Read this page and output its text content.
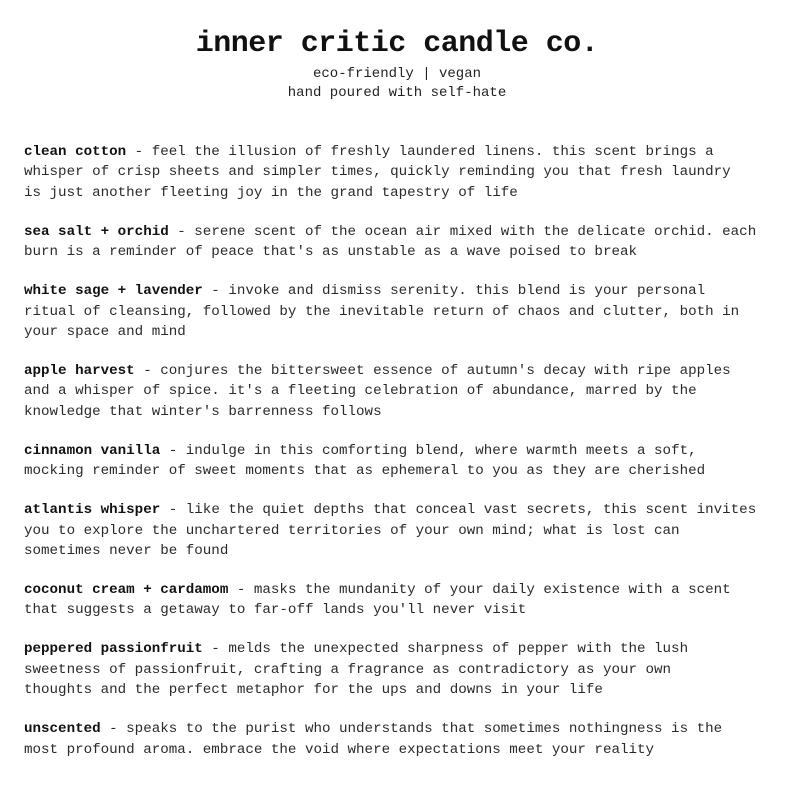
inner critic candle co.

eco-friendly | vegan

hand poured with self-hate

clean cotton - feel the illusion of freshly laundered linens. this scent brings a
whisper of crisp sheets and simpler times, quickly reminding you that fresh laundry
is just another fleeting joy in the grand tapestry of life
sea salt + orchid - serene scent of the ocean air mixed with the delicate orchid. each
burn is a reminder of peace that's as unstable as a wave poised to break
white sage + lavender - invoke and dismiss serenity. this blend is your personal
ritual of cleansing, followed by the inevitable return of chaos and clutter, both in
your space and mind
apple harvest - conjures the bittersweet essence of autumn's decay with ripe apples
and a whisper of spice. it's a fleeting celebration of abundance, marred by the
knowledge that winter's barrenness follows
cinnamon vanilla - indulge in this comforting blend, where warmth meets a soft,
mocking reminder of sweet moments that as ephemeral to you as they are cherished
atlantis whisper - like the quiet depths that conceal vast secrets, this scent invites
you to explore the unchartered territories of your own mind; what is lost can
sometimes never be found
coconut cream + cardamom - masks the mundanity of your daily existence with a scent
that suggests a getaway to far-off lands you'll never visit
peppered passionfruit - melds the unexpected sharpness of pepper with the lush
sweetness of passionfruit, crafting a fragrance as contradictory as your own
thoughts and the perfect metaphor for the ups and downs in your life
unscented - speaks to the purist who understands that sometimes nothingness is the
most profound aroma. embrace the void where expectations meet your reality
